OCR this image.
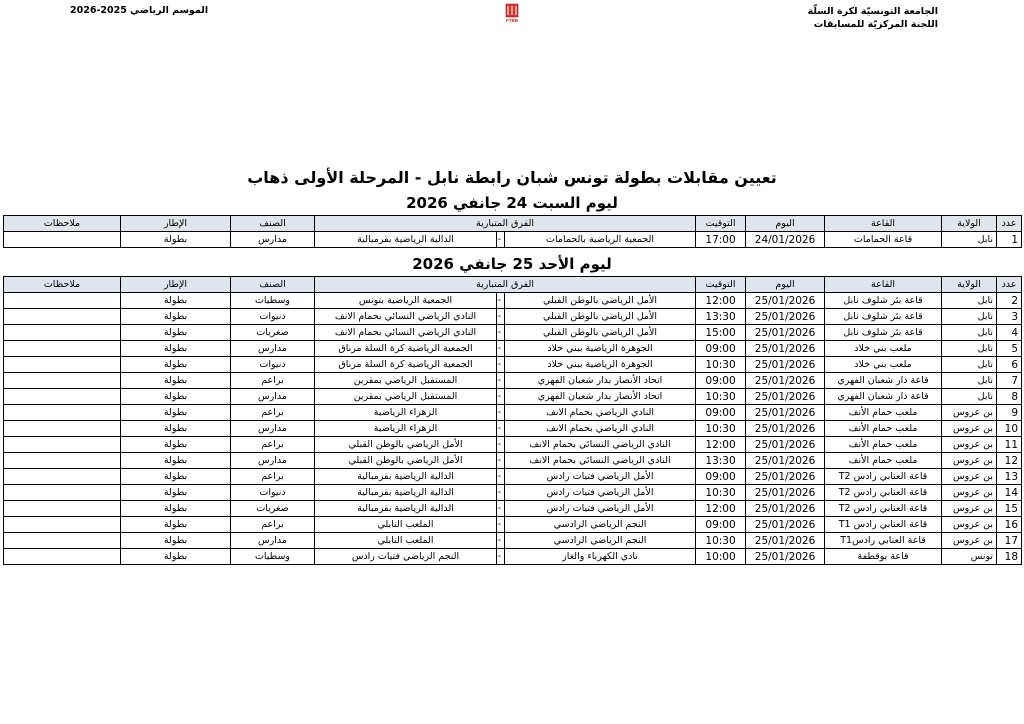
الجامعة التونسيّة لكرة السلّة
اللجنة المركزيّة للمسابقات
FTBB
الموسم الرياضي 2025-2026
تعيين مقابلات بطولة تونس شبان رابطة نابل - المرحلة الأولى ذهاب
ليوم السبت 24 جانفي 2026
عدد	الولاية	القاعة	اليوم	التوقيت	الفرق المتبارية			الصنف	الإطار	ملاحظات
1	نابل	قاعة الحمامات	24/01/2026	17:00	الجمعية الرياضية بالحمامات	-	الدالية الرياضية بقرمبالية	مدارس	بطولة	
ليوم الأحد 25 جانفي 2026
عدد	الولاية	القاعة	اليوم	التوقيت	الفرق المتبارية			الصنف	الإطار	ملاحظات
2	نابل	قاعة بئر شلوف نابل	25/01/2026	12:00	الأمل الرياضي بالوطن القبلي	-	الجمعية الرياضية بتونس	وسطيات	بطولة	
3	نابل	قاعة بئر شلوف نابل	25/01/2026	13:30	الأمل الرياضي بالوطن القبلي	-	النادي الرياضي النسائي بحمام الانف	دنيوات	بطولة	
4	نابل	قاعة بئر شلوف نابل	25/01/2026	15:00	الأمل الرياضي بالوطن القبلي	-	النادي الرياضي النسائي بحمام الانف	صغريات	بطولة	
5	نابل	ملعب بني خلاد	25/01/2026	09:00	الجوهرة الرياضية ببني خلاد	-	الجمعية الرياضية كرة السلة مرناق	مدارس	بطولة	
6	نابل	ملعب بني خلاد	25/01/2026	10:30	الجوهرة الرياضية ببني خلاد	-	الجمعية الرياضية كرة السلة مرناق	دنيوات	بطولة	
7	نابل	قاعة دار شعبان الفهري	25/01/2026	09:00	اتحاد الأنصار بدار شعبان الفهري	-	المستقبل الرياضي بمقرين	براعم	بطولة	
8	نابل	قاعة دار شعبان الفهري	25/01/2026	10:30	اتحاد الأنصار بدار شعبان الفهري	-	المستقبل الرياضي بمقرين	مدارس	بطولة	
9	بن عروس	ملعب حمام الأنف	25/01/2026	09:00	النادي الرياضي بحمام الانف	-	الزهراء الرياضية	براعم	بطولة	
10	بن عروس	ملعب حمام الأنف	25/01/2026	10:30	النادي الرياضي بحمام الانف	-	الزهراء الرياضية	مدارس	بطولة	
11	بن عروس	ملعب حمام الأنف	25/01/2026	12:00	النادي الرياضي النسائي بحمام الانف	-	الأمل الرياضي بالوطن القبلي	براعم	بطولة	
12	بن عروس	ملعب حمام الأنف	25/01/2026	13:30	النادي الرياضي النسائي بحمام الانف	-	الأمل الرياضي بالوطن القبلي	مدارس	بطولة	
13	بن عروس	قاعة العنابي رادس T2	25/01/2026	09:00	الأمل الرياضي فتيات رادس	-	الدالية الرياضية بقرمبالية	براعم	بطولة	
14	بن عروس	قاعة العنابي رادس T2	25/01/2026	10:30	الأمل الرياضي فتيات رادس	-	الدالية الرياضية بقرمبالية	دنيوات	بطولة	
15	بن عروس	قاعة العنابي رادس T2	25/01/2026	12:00	الأمل الرياضي فتيات رادس	-	الدالية الرياضية بقرمبالية	صغريات	بطولة	
16	بن عروس	قاعة العنابي رادس T1	25/01/2026	09:00	النجم الرياضي الرادسي	-	الملعب النابلي	براعم	بطولة	
17	بن عروس	قاعة العنابي رادسT1	25/01/2026	10:30	النجم الرياضي الرادسي	-	الملعب النابلي	مدارس	بطولة	
18	تونس	قاعة بوقطفة	25/01/2026	10:00	نادي الكهرباء والغاز	-	النجم الرياضي فتيات رادس	وسطيات	بطولة	
